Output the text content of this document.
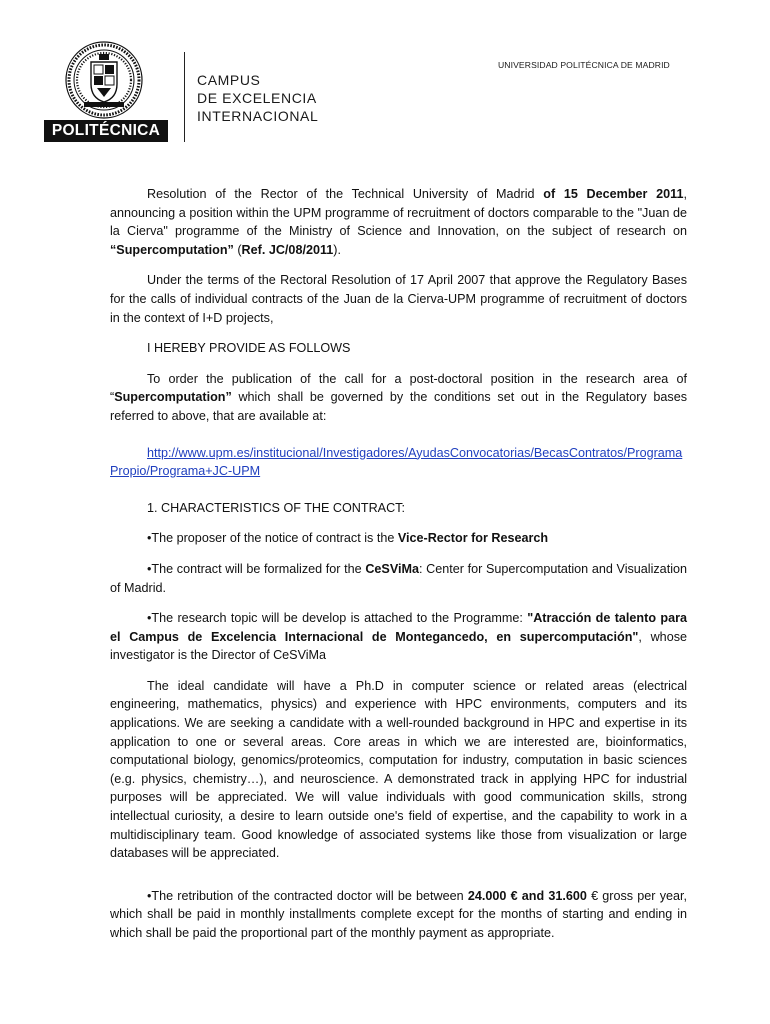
POLITÉCNICA
CAMPUS
DE EXCELENCIA
INTERNACIONAL
UNIVERSIDAD POLITÉCNICA DE MADRID

Resolution of the Rector of the Technical University of Madrid of 15 December 2011, announcing a position within the UPM programme of recruitment of doctors comparable to the "Juan de la Cierva" programme of the Ministry of Science and Innovation, on the subject of research on “Supercomputation” (Ref. JC/08/2011).

Under the terms of the Rectoral Resolution of 17 April 2007 that approve the Regulatory Bases for the calls of individual contracts of the Juan de la Cierva-UPM programme of recruitment of doctors in the context of I+D projects,

I HEREBY PROVIDE AS FOLLOWS

To order the publication of the call for a post-doctoral position in the research area of “Supercomputation” which shall be governed by the conditions set out in the Regulatory bases referred to above, that are available at:

http://www.upm.es/institucional/Investigadores/AyudasConvocatorias/BecasContratos/ProgramaPropio/Programa+JC-UPM

1. CHARACTERISTICS OF THE CONTRACT:

•The proposer of the notice of contract is the Vice-Rector for Research

•The contract will be formalized for the CeSViMa: Center for Supercomputation and Visualization of Madrid.

•The research topic will be develop is attached to the Programme: "Atracción de talento para el Campus de Excelencia Internacional de Montegancedo, en supercomputación", whose investigator is the Director of CeSViMa

The ideal candidate will have a Ph.D in computer science or related areas (electrical engineering, mathematics, physics) and experience with HPC environments, computers and its applications. We are seeking a candidate with a well-rounded background in HPC and expertise in its application to one or several areas. Core areas in which we are interested are, bioinformatics, computational biology, genomics/proteomics, computation for industry, computation in basic sciences (e.g. physics, chemistry…), and neuroscience. A demonstrated track in applying HPC for industrial purposes will be appreciated. We will value individuals with good communication skills, strong intellectual curiosity, a desire to learn outside one's field of expertise, and the capability to work in a multidisciplinary team. Good knowledge of associated systems like those from visualization or large databases will be appreciated.

•The retribution of the contracted doctor will be between 24.000 € and 31.600 € gross per year, which shall be paid in monthly installments complete except for the months of starting and ending in which shall be paid the proportional part of the monthly payment as appropriate.
